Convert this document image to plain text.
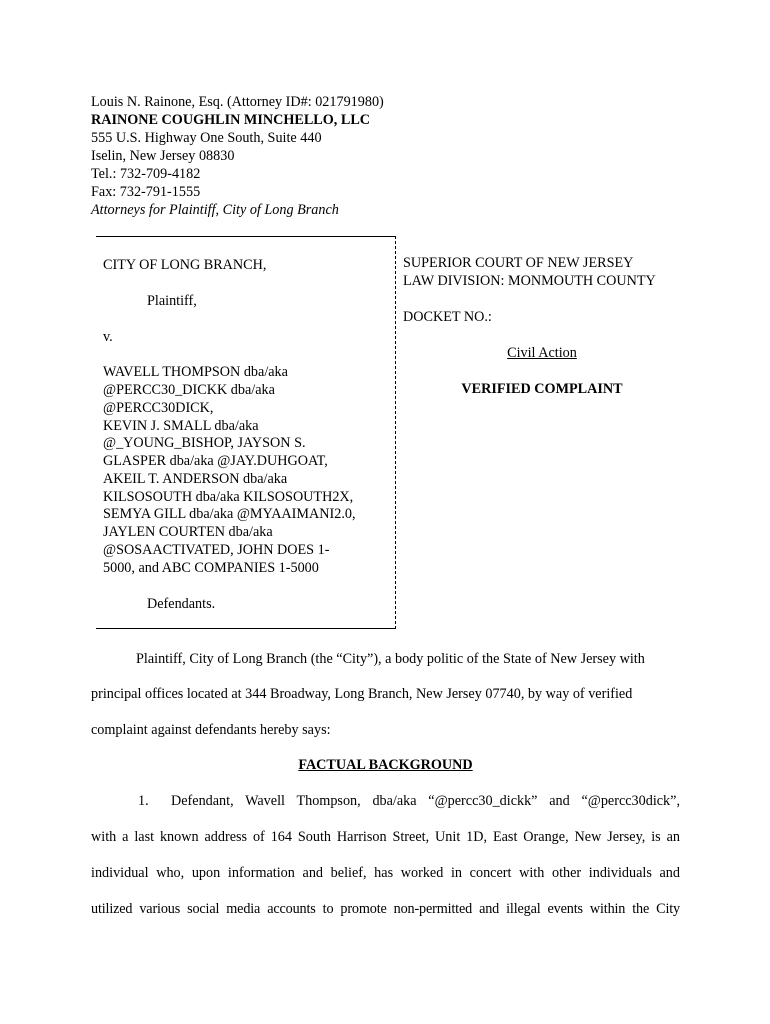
Louis N. Rainone, Esq. (Attorney ID#: 021791980)
RAINONE COUGHLIN MINCHELLO, LLC
555 U.S. Highway One South, Suite 440
Iselin, New Jersey 08830
Tel.: 732-709-4182
Fax: 732-791-1555
Attorneys for Plaintiff, City of Long Branch
CITY OF LONG BRANCH,
Plaintiff,
v.
WAVELL THOMPSON dba/aka
@PERCC30_DICKK dba/aka
@PERCC30DICK,
KEVIN J. SMALL dba/aka
@_YOUNG_BISHOP, JAYSON S.
GLASPER dba/aka @JAY.DUHGOAT,
AKEIL T. ANDERSON dba/aka
KILSOSOUTH dba/aka KILSOSOUTH2X,
SEMYA GILL dba/aka @MYAAIMANI2.0,
JAYLEN COURTEN dba/aka
@SOSAACTIVATED, JOHN DOES 1-
5000, and ABC COMPANIES 1-5000
Defendants.
SUPERIOR COURT OF NEW JERSEY
LAW DIVISION: MONMOUTH COUNTY
DOCKET NO.:
Civil Action
VERIFIED COMPLAINT
Plaintiff, City of Long Branch (the “City”), a body politic of the State of New Jersey with
principal offices located at 344 Broadway, Long Branch, New Jersey 07740, by way of verified
complaint against defendants hereby says:
FACTUAL BACKGROUND
1. Defendant, Wavell Thompson, dba/aka “@percc30_dickk” and “@percc30dick”,
with a last known address of 164 South Harrison Street, Unit 1D, East Orange, New Jersey, is an
individual who, upon information and belief, has worked in concert with other individuals and
utilized various social media accounts to promote non-permitted and illegal events within the City
